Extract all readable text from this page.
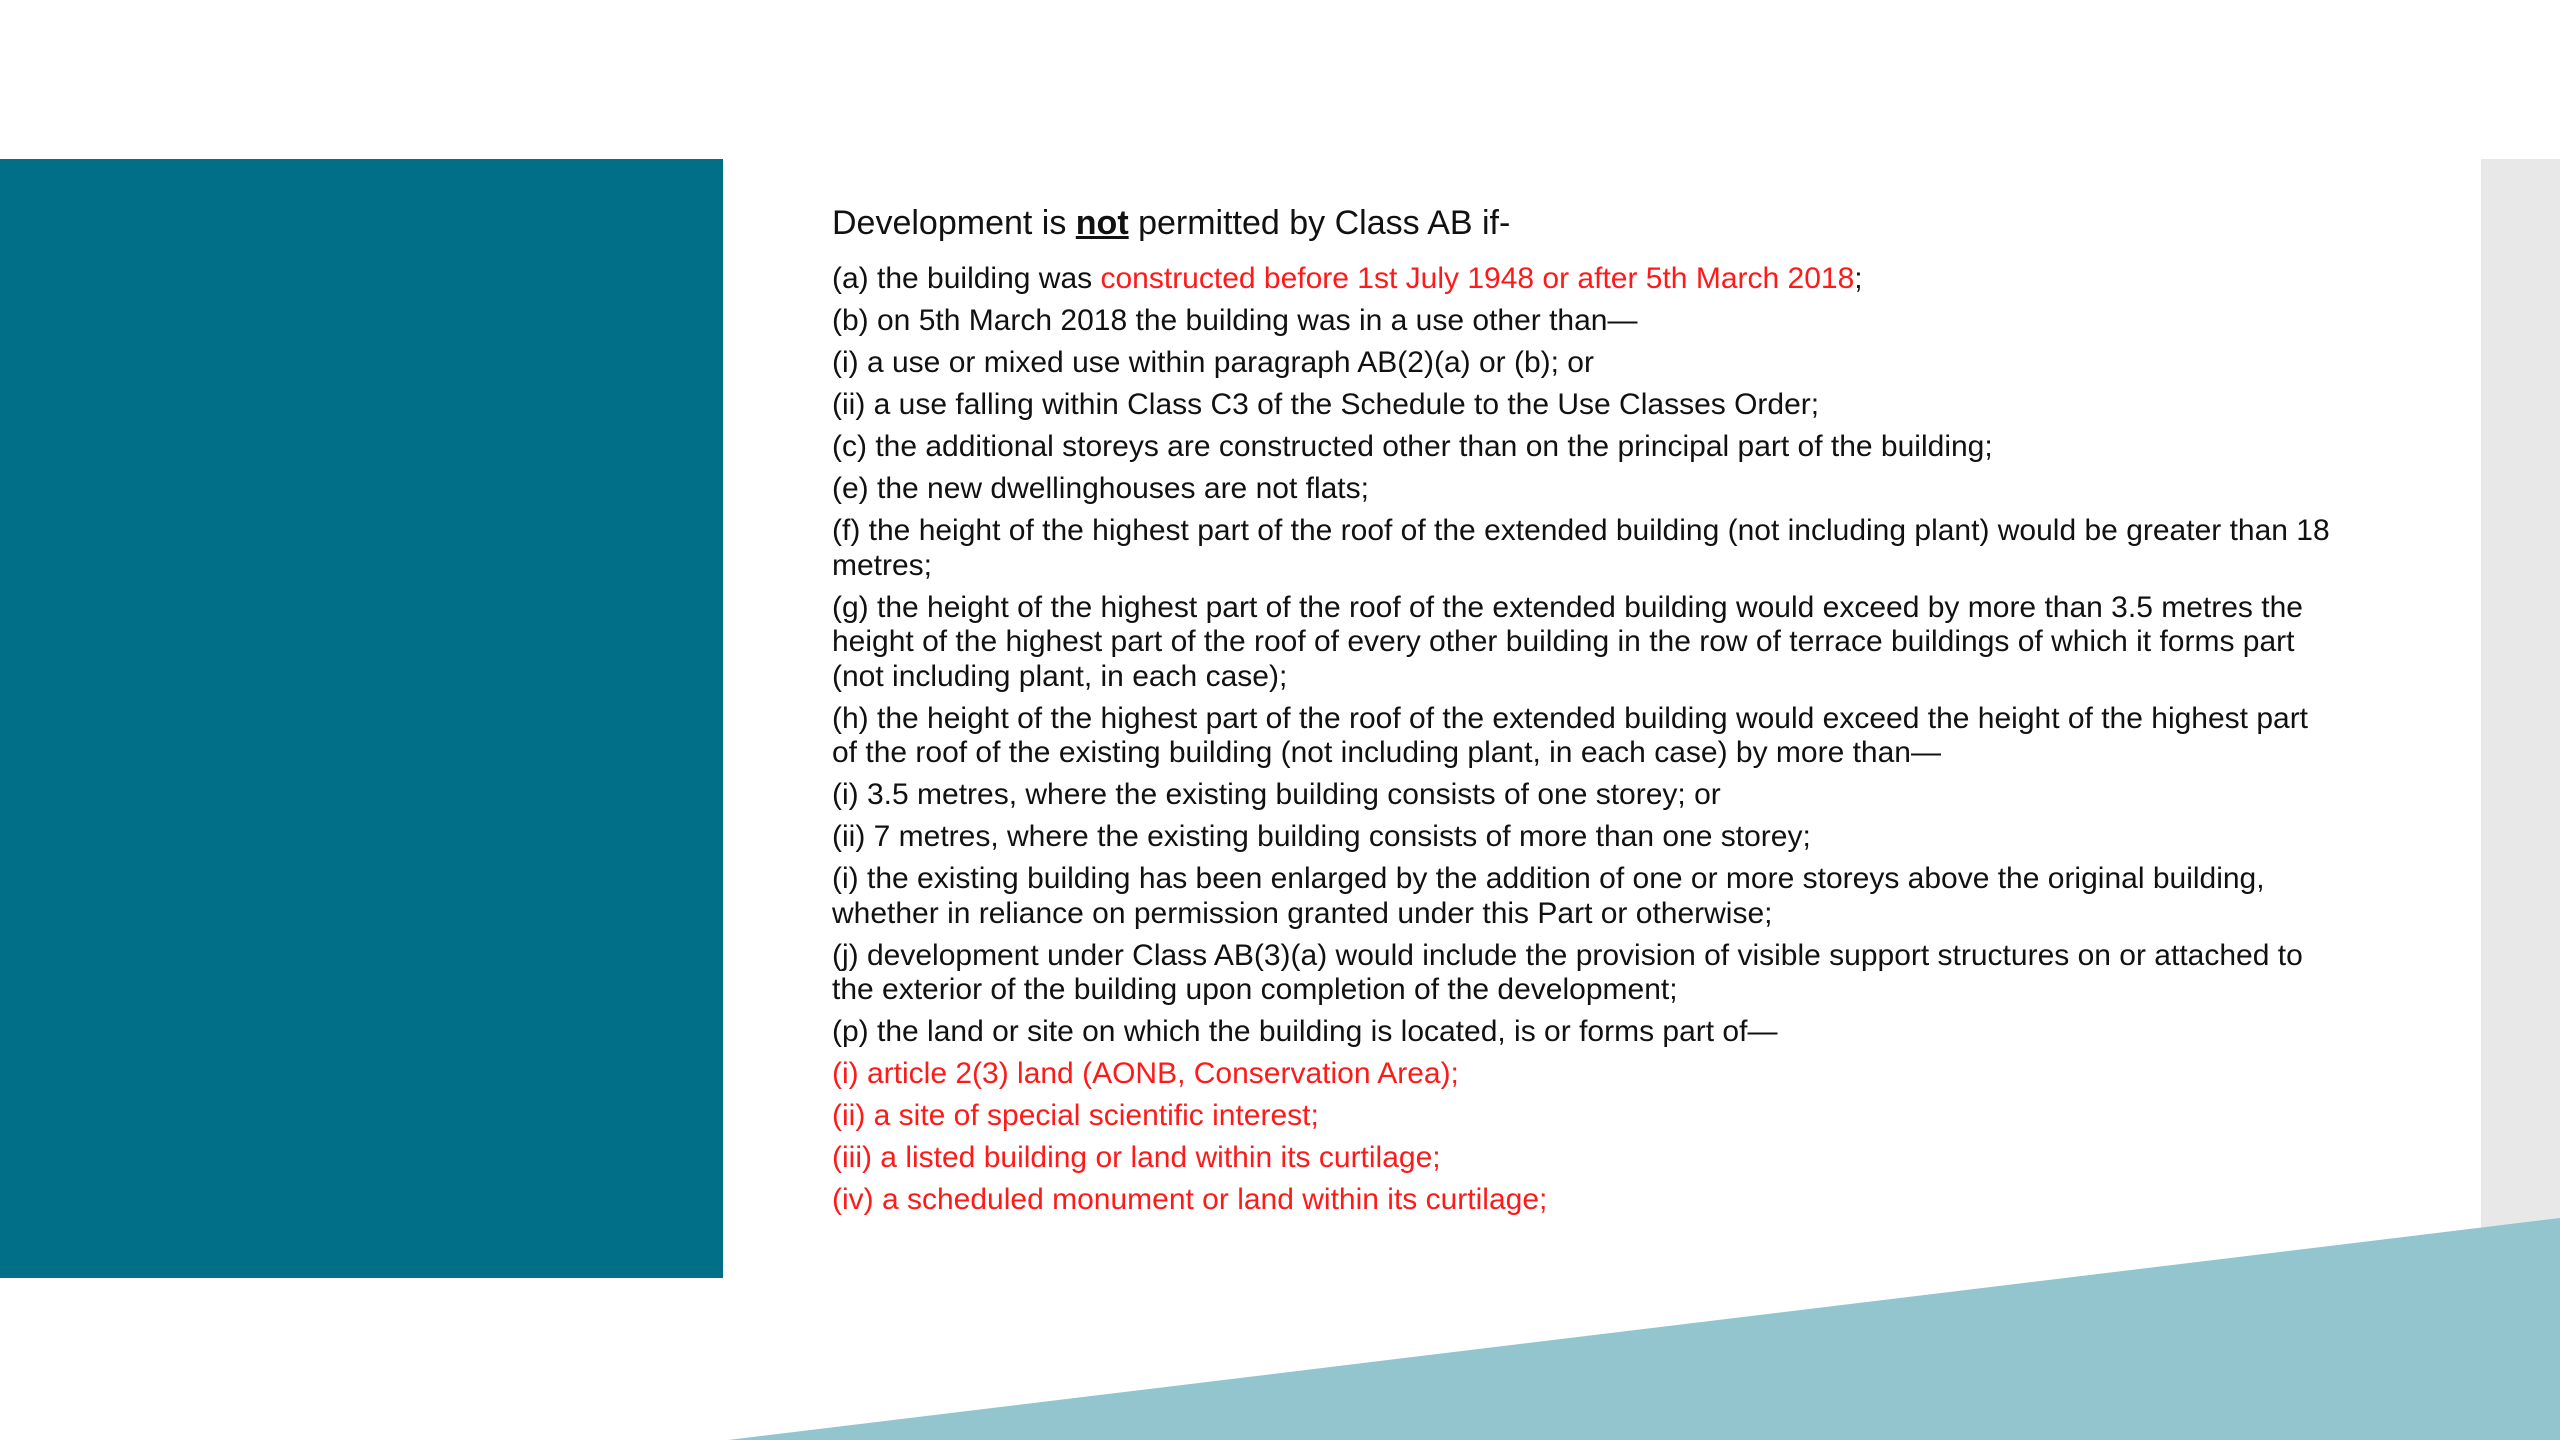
Development is not permitted by Class AB if-
(a) the building was constructed before 1st July 1948 or after 5th March 2018;
(b) on 5th March 2018 the building was in a use other than—
(i) a use or mixed use within paragraph AB(2)(a) or (b); or
(ii) a use falling within Class C3 of the Schedule to the Use Classes Order;
(c) the additional storeys are constructed other than on the principal part of the building;
(e) the new dwellinghouses are not flats;
(f) the height of the highest part of the roof of the extended building (not including plant) would be greater than 18 metres;
(g) the height of the highest part of the roof of the extended building would exceed by more than 3.5 metres the height of the highest part of the roof of every other building in the row of terrace buildings of which it forms part (not including plant, in each case);
(h) the height of the highest part of the roof of the extended building would exceed the height of the highest part of the roof of the existing building (not including plant, in each case) by more than—
(i) 3.5 metres, where the existing building consists of one storey; or
(ii) 7 metres, where the existing building consists of more than one storey;
(i) the existing building has been enlarged by the addition of one or more storeys above the original building, whether in reliance on permission granted under this Part or otherwise;
(j) development under Class AB(3)(a) would include the provision of visible support structures on or attached to the exterior of the building upon completion of the development;
(p) the land or site on which the building is located, is or forms part of—
(i) article 2(3) land (AONB, Conservation Area);
(ii) a site of special scientific interest;
(iii) a listed building or land within its curtilage;
(iv) a scheduled monument or land within its curtilage;
